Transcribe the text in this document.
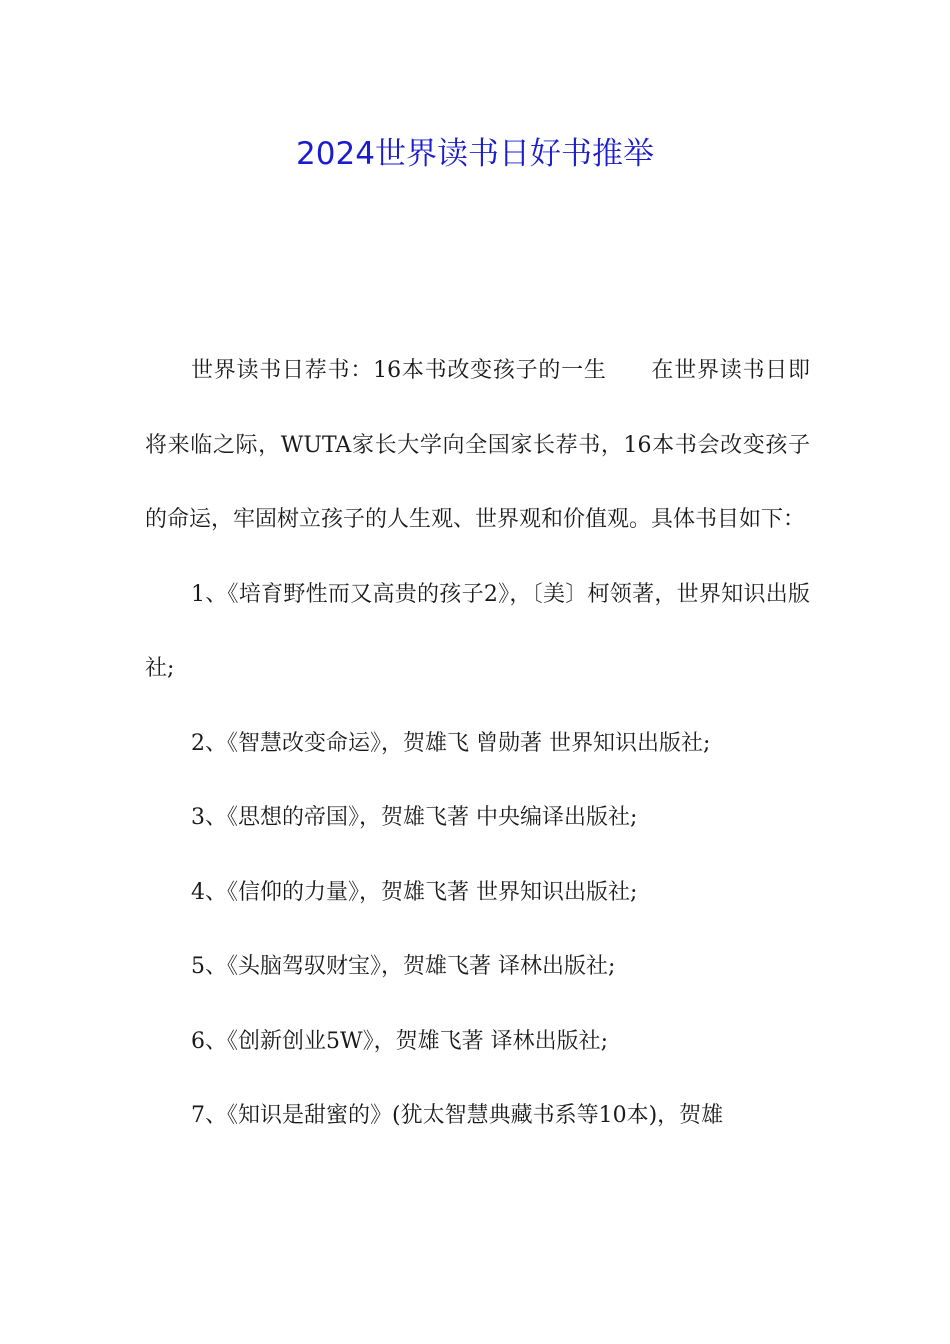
2024世界读书日好书推举

世界读书日荐书：16本书改变孩子的一生 在世界读书日即将来临之际，WUTA家长大学向全国家长荐书，16本书会改变孩子的命运，牢固树立孩子的人生观、世界观和价值观。具体书目如下：

1、《培育野性而又高贵的孩子2》，〔美〕柯领著，世界知识出版社;

2、《智慧改变命运》，贺雄飞 曾勋著 世界知识出版社;

3、《思想的帝国》，贺雄飞著 中央编译出版社;

4、《信仰的力量》，贺雄飞著 世界知识出版社;

5、《头脑驾驭财宝》，贺雄飞著 译林出版社;

6、《创新创业5W》，贺雄飞著 译林出版社;

7、《知识是甜蜜的》(犹太智慧典藏书系等10本)，贺雄
